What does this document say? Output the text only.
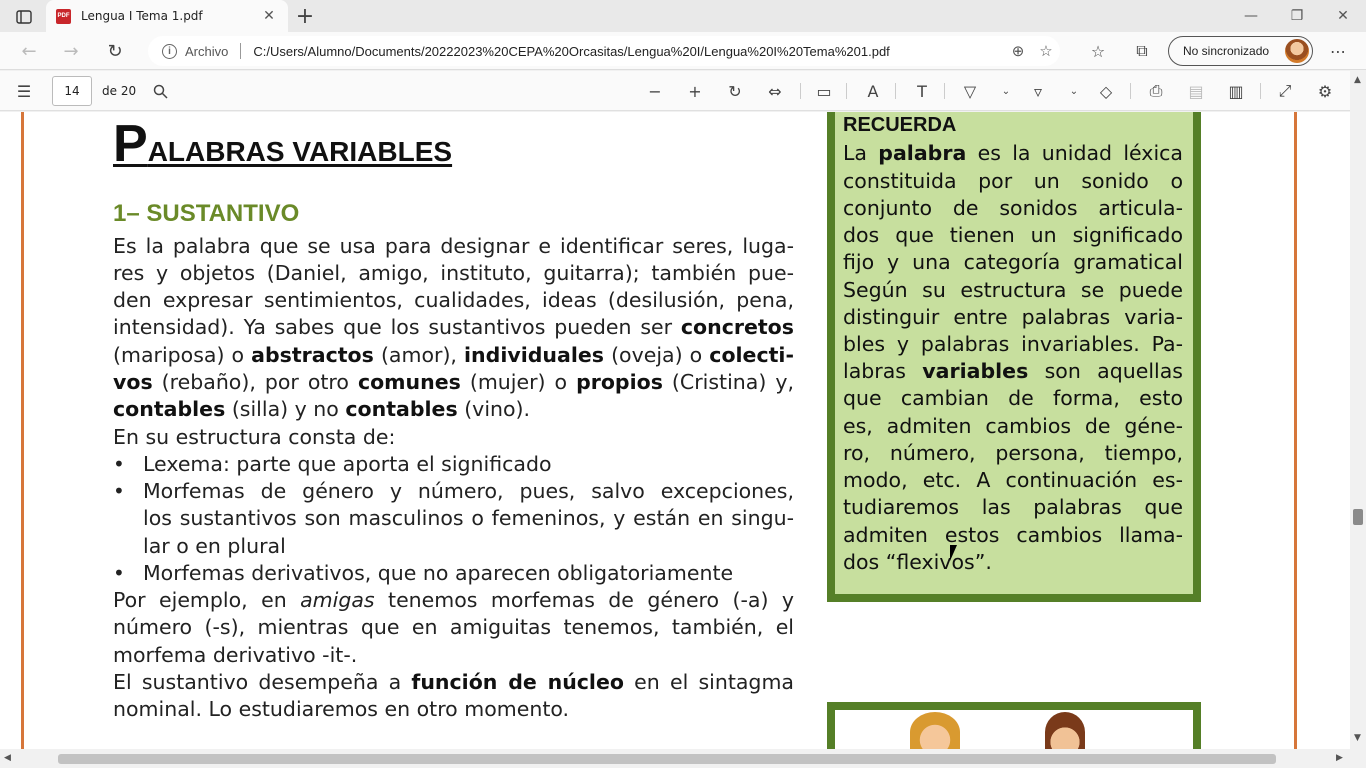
PDF Lengua I Tema 1.pdf	✕ +	—	❐	✕
←	→	↻	i	Archivo C:/Users/Alumno/Documents/20222023%20CEPA%20Orcasitas/Lengua%20I/Lengua%20I%20Tema%201.pdf	⊕ ☆	☆	⧉	No sincronizado	⋯
☰	14	de 20	−	+	↻	⇔	▭	A	T	▽	⌄	▿	⌄	◇	⎙	▤	▥	⤢	⚙
PALABRAS VARIABLES
1– SUSTANTIVO
Es la palabra que se usa para designar e identificar seres, luga-
res y objetos (Daniel, amigo, instituto, guitarra); también pue-
den expresar sentimientos, cualidades, ideas (desilusión, pena,
intensidad). Ya sabes que los sustantivos pueden ser concretos
(mariposa) o abstractos (amor), individuales (oveja) o colecti-
vos (rebaño), por otro comunes (mujer) o propios (Cristina) y,
contables (silla) y no contables (vino).
En su estructura consta de:
• Lexema: parte que aporta el significado
• Morfemas de género y número, pues, salvo excepciones,
los sustantivos son masculinos o femeninos, y están en singu-
lar o en plural
• Morfemas derivativos, que no aparecen obligatoriamente
Por ejemplo, en amigas tenemos morfemas de género (-a) y
número (-s), mientras que en amiguitas tenemos, también, el
morfema derivativo -it-.
El sustantivo desempeña a función de núcleo en el sintagma
nominal. Lo estudiaremos en otro momento.
RECUERDA
La palabra es la unidad léxica
constituida por un sonido o
conjunto de sonidos articula-
dos que tienen un significado
fijo y una categoría gramatical
Según su estructura se puede
distinguir entre palabras varia-
bles y palabras invariables. Pa-
labras variables son aquellas
que cambian de forma, esto
es, admiten cambios de géne-
ro, número, persona, tiempo,
modo, etc. A continuación es-
tudiaremos las palabras que
admiten estos cambios llama-
dos “flexivos”.
▲
▼
◀	▶
